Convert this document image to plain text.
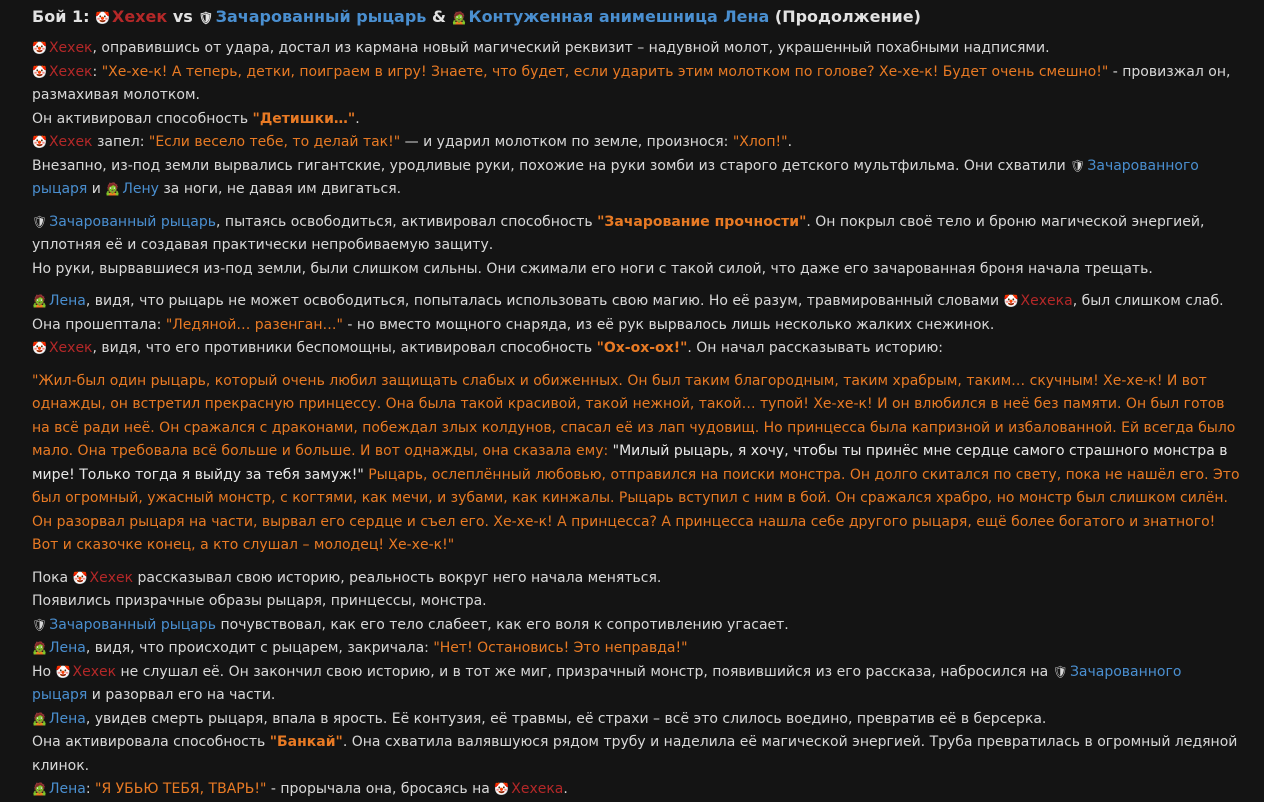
Бой 1: 🤡 Хехек vs 🛡 Зачарованный рыцарь & 🧟 Контуженная анимешница Лена (Продолжение)

🤡 Хехек, оправившись от удара, достал из кармана новый магический реквизит – надувной молот, украшенный похабными надписями.

🤡 Хехек: "Хе-хе-к! А теперь, детки, поиграем в игру! Знаете, что будет, если ударить этим молотком по голове? Хе-хе-к! Будет очень смешно!" - провизжал он, размахивая молотком.

Он активировал способность "Детишки…".

🤡 Хехек запел: "Если весело тебе, то делай так!" — и ударил молотком по земле, произнося: "Хлоп!".

Внезапно, из-под земли вырвались гигантские, уродливые руки, похожие на руки зомби из старого детского мультфильма. Они схватили 🛡 Зачарованного рыцаря и 🧟 Лену за ноги, не давая им двигаться.

🛡 Зачарованный рыцарь, пытаясь освободиться, активировал способность "Зачарование прочности". Он покрыл своё тело и броню магической энергией, уплотняя её и создавая практически непробиваемую защиту.

Но руки, вырвавшиеся из-под земли, были слишком сильны. Они сжимали его ноги с такой силой, что даже его зачарованная броня начала трещать.

🧟 Лена, видя, что рыцарь не может освободиться, попыталась использовать свою магию. Но её разум, травмированный словами 🤡 Хехека, был слишком слаб.

Она прошептала: "Ледяной… разенган…" - но вместо мощного снаряда, из её рук вырвалось лишь несколько жалких снежинок.

🤡 Хехек, видя, что его противники беспомощны, активировал способность "Ох-ох-ох!". Он начал рассказывать историю:

"Жил-был один рыцарь, который очень любил защищать слабых и обиженных. Он был таким благородным, таким храбрым, таким… скучным! Хе-хе-к! И вот однажды, он встретил прекрасную принцессу. Она была такой красивой, такой нежной, такой… тупой! Хе-хе-к! И он влюбился в неё без памяти. Он был готов на всё ради неё. Он сражался с драконами, побеждал злых колдунов, спасал её из лап чудовищ. Но принцесса была капризной и избалованной. Ей всегда было мало. Она требовала всё больше и больше. И вот однажды, она сказала ему: "Милый рыцарь, я хочу, чтобы ты принёс мне сердце самого страшного монстра в мире! Только тогда я выйду за тебя замуж!" Рыцарь, ослеплённый любовью, отправился на поиски монстра. Он долго скитался по свету, пока не нашёл его. Это был огромный, ужасный монстр, с когтями, как мечи, и зубами, как кинжалы. Рыцарь вступил с ним в бой. Он сражался храбро, но монстр был слишком силён. Он разорвал рыцаря на части, вырвал его сердце и съел его. Хе-хе-к! А принцесса? А принцесса нашла себе другого рыцаря, ещё более богатого и знатного! Вот и сказочке конец, а кто слушал – молодец! Хе-хе-к!"

Пока 🤡 Хехек рассказывал свою историю, реальность вокруг него начала меняться.

Появились призрачные образы рыцаря, принцессы, монстра.

🛡 Зачарованный рыцарь почувствовал, как его тело слабеет, как его воля к сопротивлению угасает.

🧟 Лена, видя, что происходит с рыцарем, закричала: "Нет! Остановись! Это неправда!"

Но 🤡 Хехек не слушал её. Он закончил свою историю, и в тот же миг, призрачный монстр, появившийся из его рассказа, набросился на 🛡 Зачарованного рыцаря и разорвал его на части.

🧟 Лена, увидев смерть рыцаря, впала в ярость. Её контузия, её травмы, её страхи – всё это слилось воедино, превратив её в берсерка.

Она активировала способность "Банкай". Она схватила валявшуюся рядом трубу и наделила её магической энергией. Труба превратилась в огромный ледяной клинок.

🧟 Лена: "Я УБЬЮ ТЕБЯ, ТВАРЬ!" - прорычала она, бросаясь на 🤡 Хехека.
